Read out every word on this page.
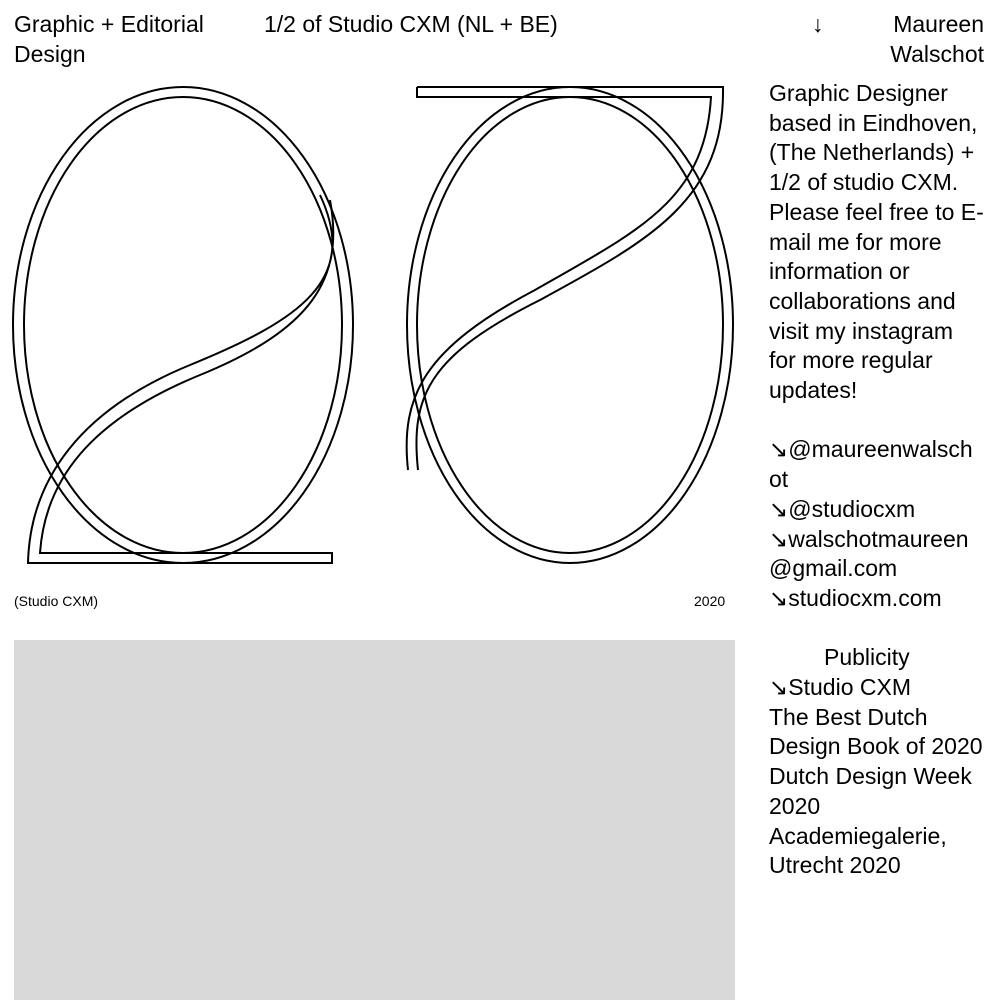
Graphic + Editorial Design
1/2 of Studio CXM (NL + BE)	↓	Maureen Walschot
(Studio CXM)	2020

Graphic Designer based in Eindhoven, (The Netherlands) + 1/2 of studio CXM. Please feel free to E-mail me for more information or collaborations and visit my instagram for more regular updates!

↘@maureenwalschot

↘@studiocxm

↘walschotmaureen@gmail.com

↘studiocxm.com

Publicity

↘Studio CXM

The Best Dutch Design Book of 2020

Dutch Design Week 2020

Academiegalerie, Utrecht 2020
